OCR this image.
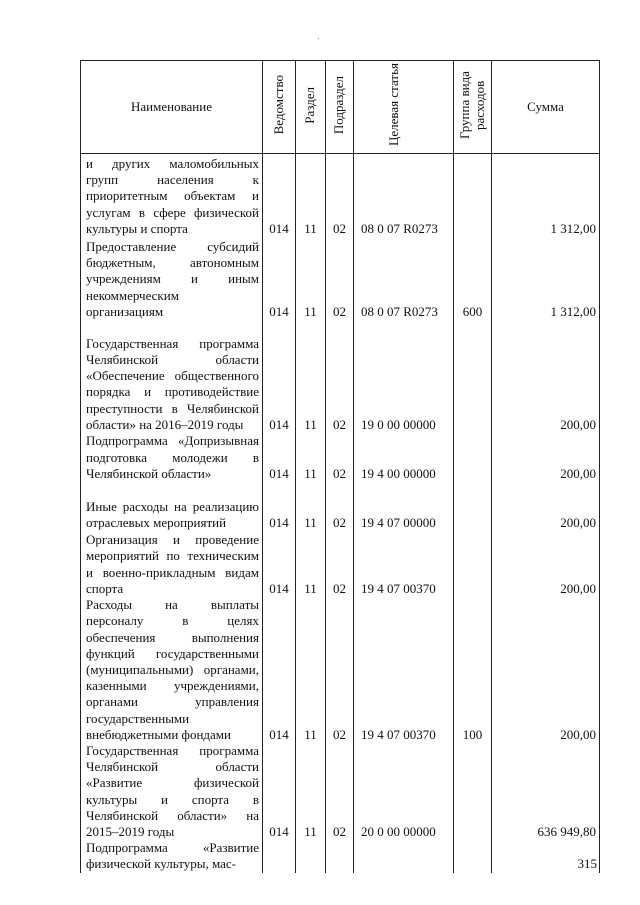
Наименование	Ведомство	Раздел	Подраздел	Целевая статья	Группа вида расходов	Сумма
и других маломобильных групп населения к приоритетным объектам и услугам в сфере физической культуры и спорта	014	11	02	08 0 07 R0273		1 312,00
Предоставление субсидий бюджетным, автономным учреждениям и иным некоммерческим организациям	014	11	02	08 0 07 R0273	600	1 312,00
Государственная программа Челябинской области «Обеспечение общественного порядка и противодействие преступности в Челябинской области» на 2016–2019 годы	014	11	02	19 0 00 00000		200,00
Подпрограмма «Допризывная подготовка молодежи в Челябинской области»	014	11	02	19 4 00 00000		200,00
Иные расходы на реализацию отраслевых мероприятий	014	11	02	19 4 07 00000		200,00
Организация и проведение мероприятий по техническим и военно-прикладным видам спорта	014	11	02	19 4 07 00370		200,00
Расходы на выплаты персоналу в целях обеспечения выполнения функций государственными (муниципальными) органами, казенными учреждениями, органами управления государственными внебюджетными фондами	014	11	02	19 4 07 00370	100	200,00
Государственная программа Челябинской области «Развитие физической культуры и спорта в Челябинской области» на 2015–2019 годы	014	11	02	20 0 00 00000		636 949,80
Подпрограмма «Развитие физической культуры, мас-							315
